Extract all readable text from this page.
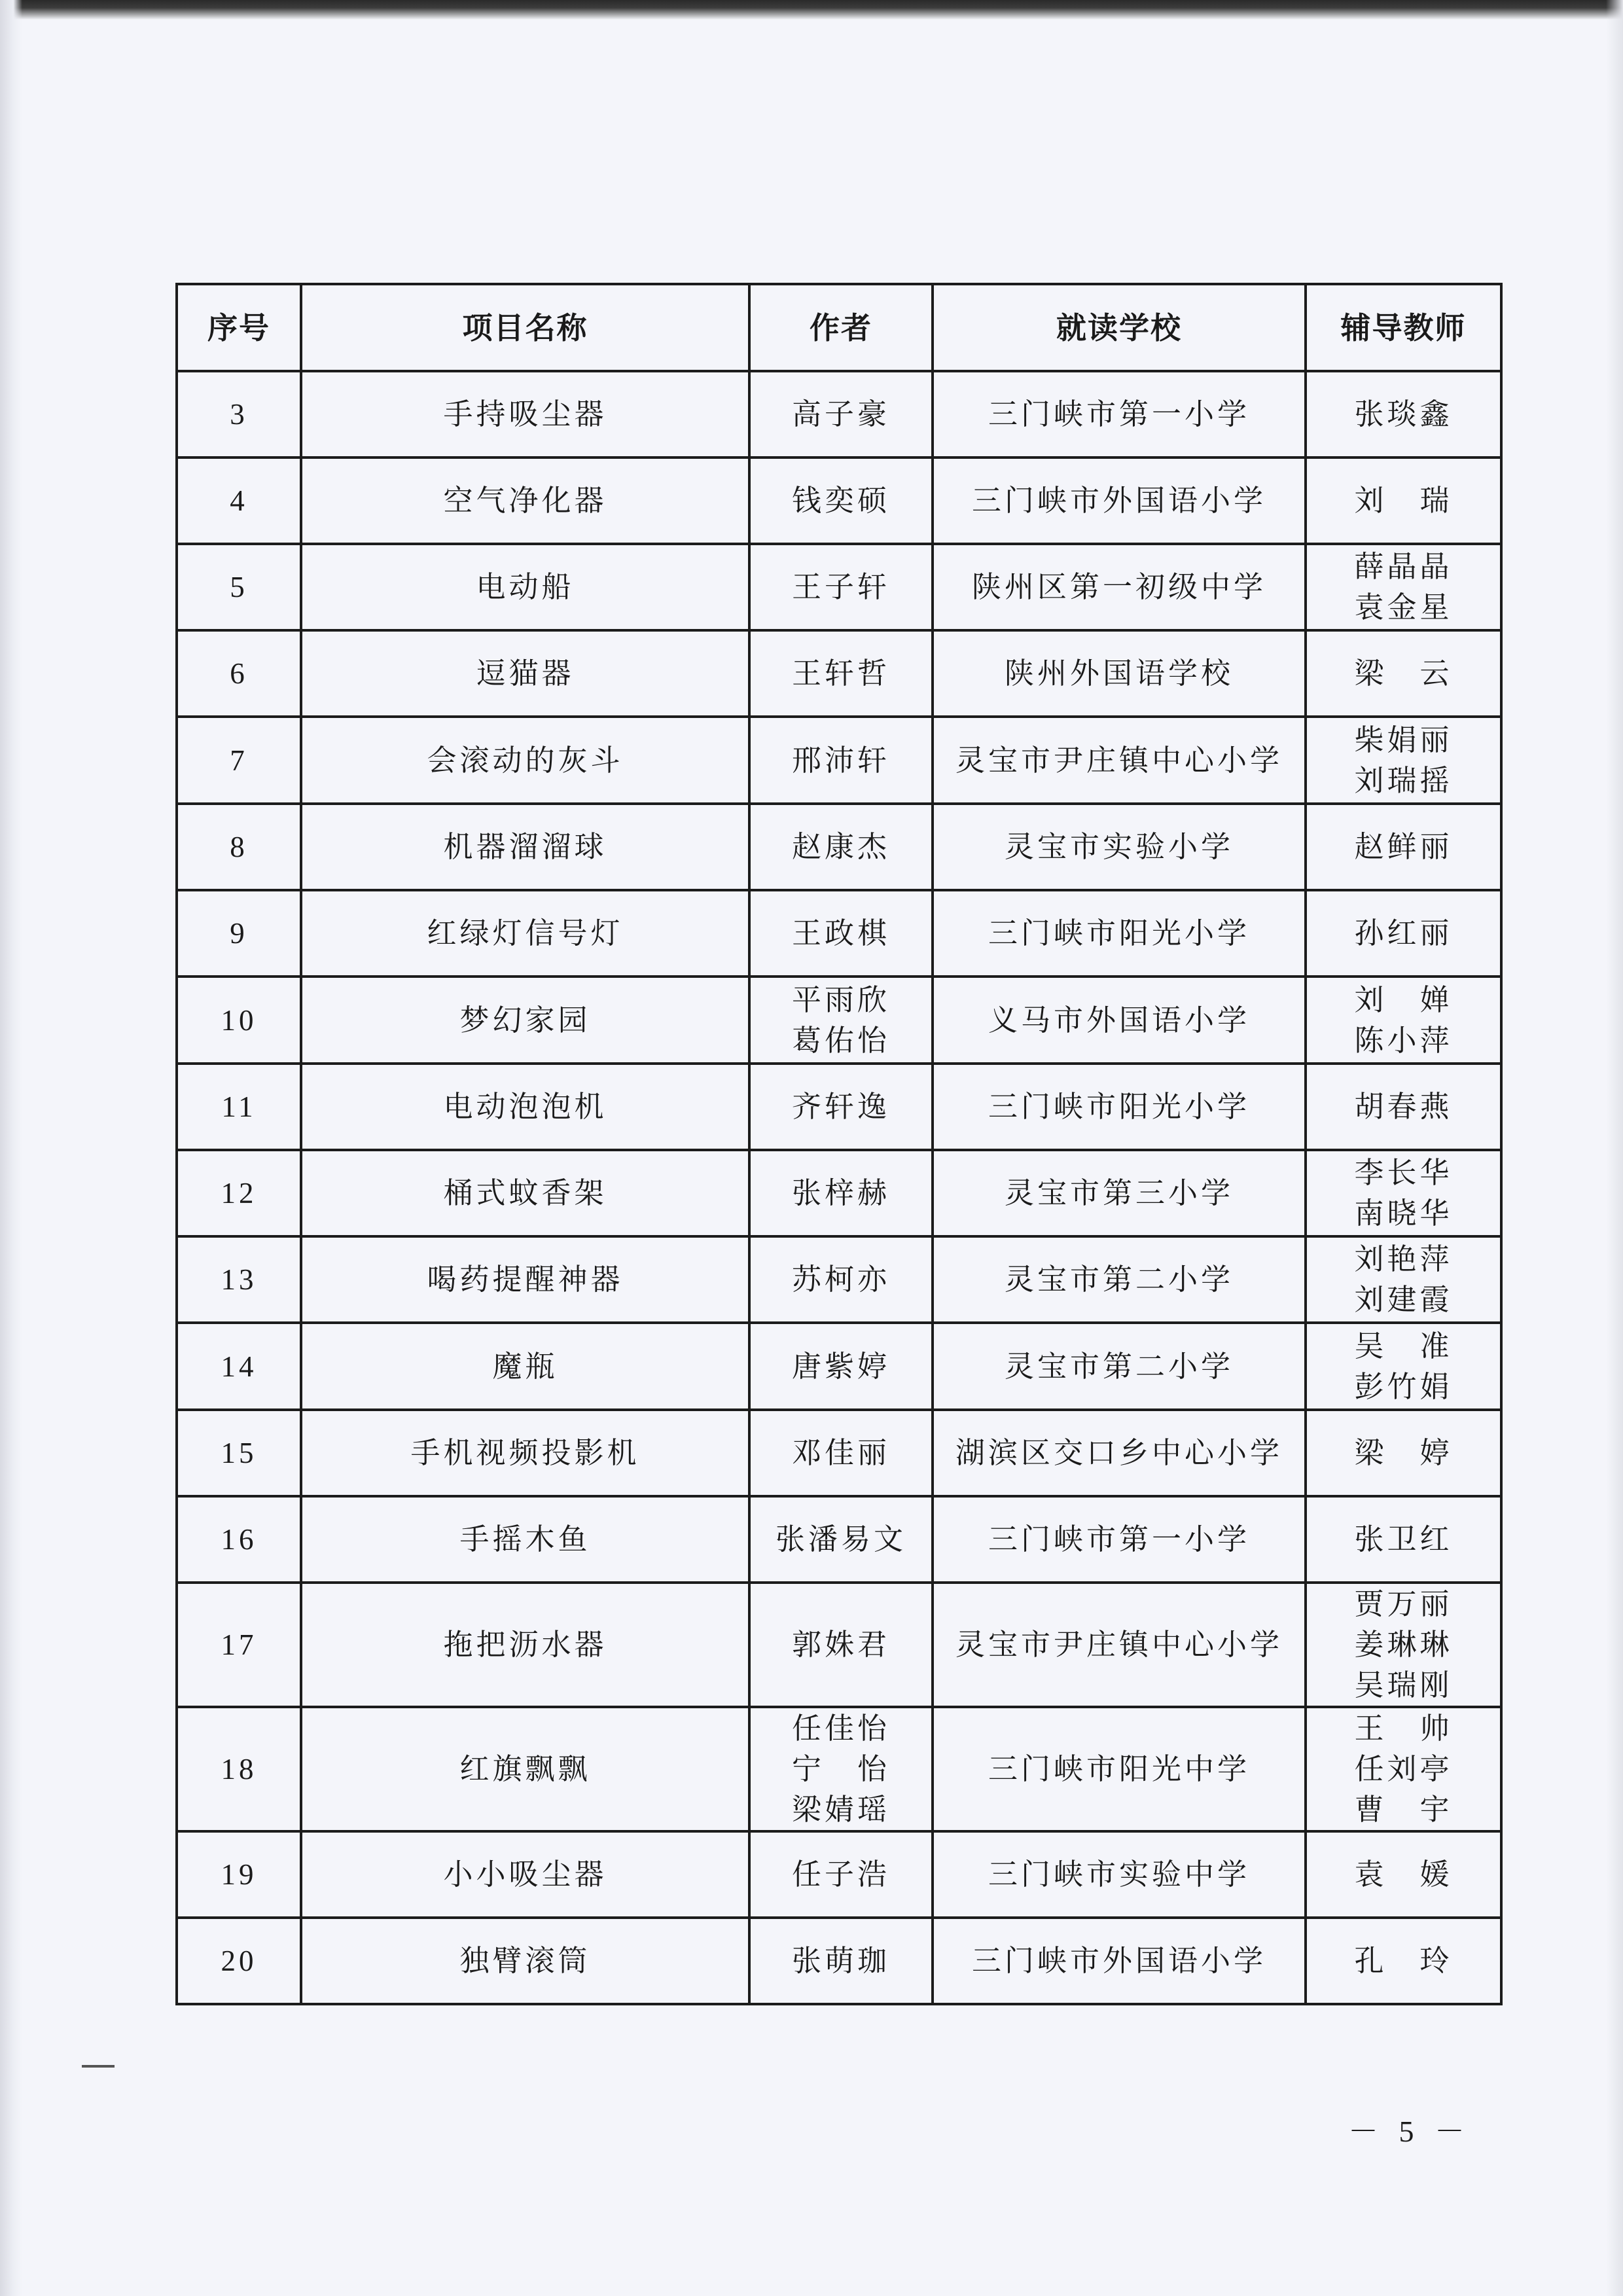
序号	项目名称	作者	就读学校	辅导教师
3	手持吸尘器	高子豪	三门峡市第一小学	张琰鑫

4	空气净化器	钱奕硕	三门峡市外国语小学	刘　瑞

5	电动船	王子轩	陕州区第一初级中学	薛晶晶
袁金星

6	逗猫器	王轩哲	陕州外国语学校	梁　云

7	会滚动的灰斗	邢沛轩	灵宝市尹庄镇中心小学	柴娟丽
刘瑞摇

8	机器溜溜球	赵康杰	灵宝市实验小学	赵鲜丽

9	红绿灯信号灯	王政棋	三门峡市阳光小学	孙红丽

10	梦幻家园	平雨欣
葛佑怡	义马市外国语小学	刘　婵
陈小萍

11	电动泡泡机	齐轩逸	三门峡市阳光小学	胡春燕

12	桶式蚊香架	张梓赫	灵宝市第三小学	李长华
南晓华

13	喝药提醒神器	苏柯亦	灵宝市第二小学	刘艳萍
刘建霞

14	魔瓶	唐紫婷	灵宝市第二小学	吴　准
彭竹娟

15	手机视频投影机	邓佳丽	湖滨区交口乡中心小学	梁　婷

16	手摇木鱼	张潘易文	三门峡市第一小学	张卫红

17	拖把沥水器	郭姝君	灵宝市尹庄镇中心小学	贾万丽
姜琳琳
吴瑞刚

18	红旗飘飘	任佳怡
宁　怡
梁婧瑶	三门峡市阳光中学	王　帅
任刘亭
曹　宇

19	小小吸尘器	任子浩	三门峡市实验中学	袁　媛

20	独臂滚筒	张萌珈	三门峡市外国语小学	孔　玲
－ 5 －
